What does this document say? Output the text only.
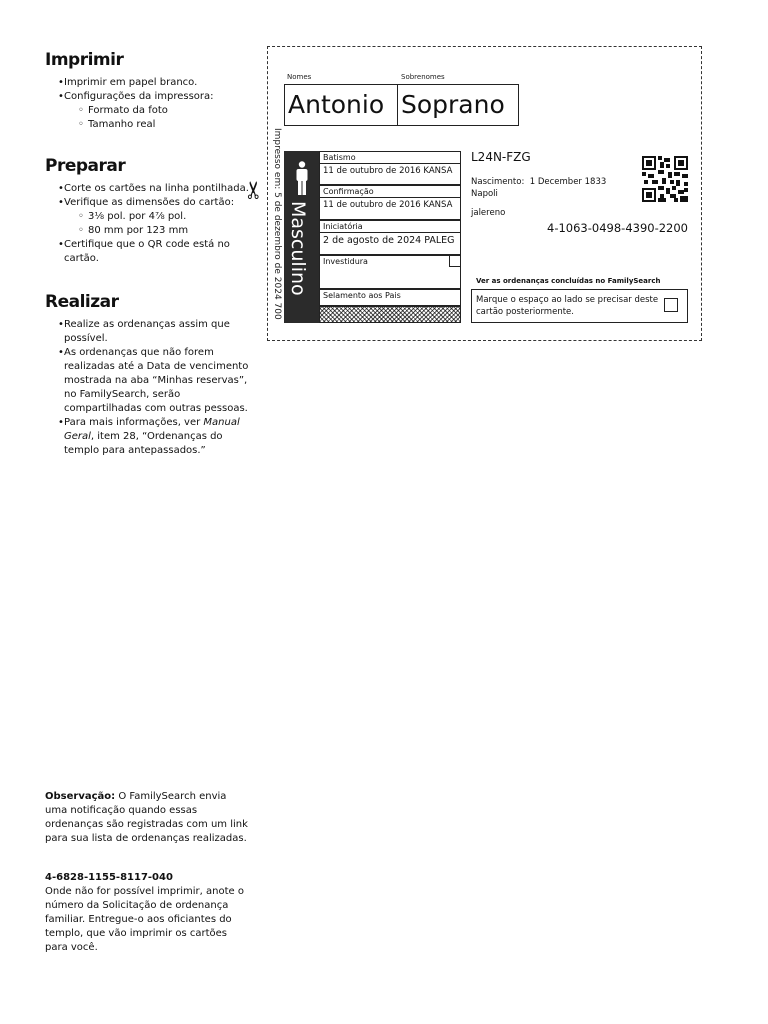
Imprimir
•Imprimir em papel branco.
•Configurações da impressora:
◦ Formato da foto
◦ Tamanho real
Preparar
•Corte os cartões na linha pontilhada.
•Verifique as dimensões do cartão:
◦ 3⅛ pol. por 4⅞ pol.
◦ 80 mm por 123 mm
•Certifique que o QR code está no cartão.
Realizar
•Realize as ordenanças assim que possível.
•As ordenanças que não forem realizadas até a Data de vencimento mostrada na aba “Minhas reservas”, no FamilySearch, serão compartilhadas com outras pessoas.
•Para mais informações, ver Manual Geral, item 28, “Ordenanças do templo para antepassados.”
Observação: O FamilySearch envia uma notificação quando essas ordenanças são registradas com um link para sua lista de ordenanças realizadas.
4-6828-1155-8117-040
Onde não for possível imprimir, anote o número da Solicitação de ordenança familiar. Entregue-o aos oficiantes do templo, que vão imprimir os cartões para você.
✂
Nomes	Sobrenomes
Antonio Soprano
Impresso em: 5 de dezembro de 2024 700 Masculino
Batismo
11 de outubro de 2016 KANSA
Confirmação
11 de outubro de 2016 KANSA
Iniciatória
2 de agosto de 2024 PALEG
Investidura
Selamento aos Pais
L24N-FZG
Nascimento: 1 December 1833
Napoli
jalereno
4-1063-0498-4390-2200
Ver as ordenanças concluídas no FamilySearch
Marque o espaço ao lado se precisar deste cartão posteriormente.
